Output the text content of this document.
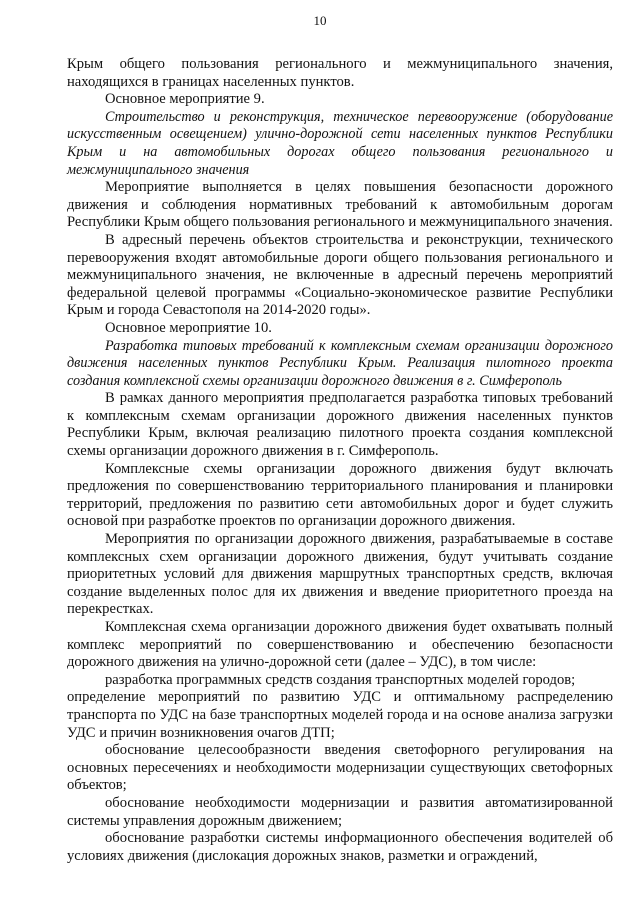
10

Крым общего пользования регионального и межмуниципального значения, находящихся в границах населенных пунктов.

Основное мероприятие 9.

Строительство и реконструкция, техническое перевооружение (оборудование искусственным освещением) улично-дорожной сети населенных пунктов Республики Крым и на автомобильных дорогах общего пользования регионального и межмуниципального значения

Мероприятие выполняется в целях повышения безопасности дорожного движения и соблюдения нормативных требований к автомобильным дорогам Республики Крым общего пользования регионального и межмуниципального значения.

В адресный перечень объектов строительства и реконструкции, технического перевооружения входят автомобильные дороги общего пользования регионального и межмуниципального значения, не включенные в адресный перечень мероприятий федеральной целевой программы «Социально-экономическое развитие Республики Крым и города Севастополя на 2014-2020 годы».

Основное мероприятие 10.

Разработка типовых требований к комплексным схемам организации дорожного движения населенных пунктов Республики Крым. Реализация пилотного проекта создания комплексной схемы организации дорожного движения в г. Симферополь

В рамках данного мероприятия предполагается разработка типовых требований к комплексным схемам организации дорожного движения населенных пунктов Республики Крым, включая реализацию пилотного проекта создания комплексной схемы организации дорожного движения в г. Симферополь.

Комплексные схемы организации дорожного движения будут включать предложения по совершенствованию территориального планирования и планировки территорий, предложения по развитию сети автомобильных дорог и будет служить основой при разработке проектов по организации дорожного движения.

Мероприятия по организации дорожного движения, разрабатываемые в составе комплексных схем организации дорожного движения, будут учитывать создание приоритетных условий для движения маршрутных транспортных средств, включая создание выделенных полос для их движения и введение приоритетного проезда на перекрестках.

Комплексная схема организации дорожного движения будет охватывать полный комплекс мероприятий по совершенствованию и обеспечению безопасности дорожного движения на улично-дорожной сети (далее – УДС), в том числе:

разработка программных средств создания транспортных моделей городов;

определение мероприятий по развитию УДС и оптимальному распределению транспорта по УДС на базе транспортных моделей города и на основе анализа загрузки УДС и причин возникновения очагов ДТП;

обоснование целесообразности введения светофорного регулирования на основных пересечениях и необходимости модернизации существующих светофорных объектов;

обоснование необходимости модернизации и развития автоматизированной системы управления дорожным движением;

обоснование разработки системы информационного обеспечения водителей об условиях движения (дислокация дорожных знаков, разметки и ограждений,
